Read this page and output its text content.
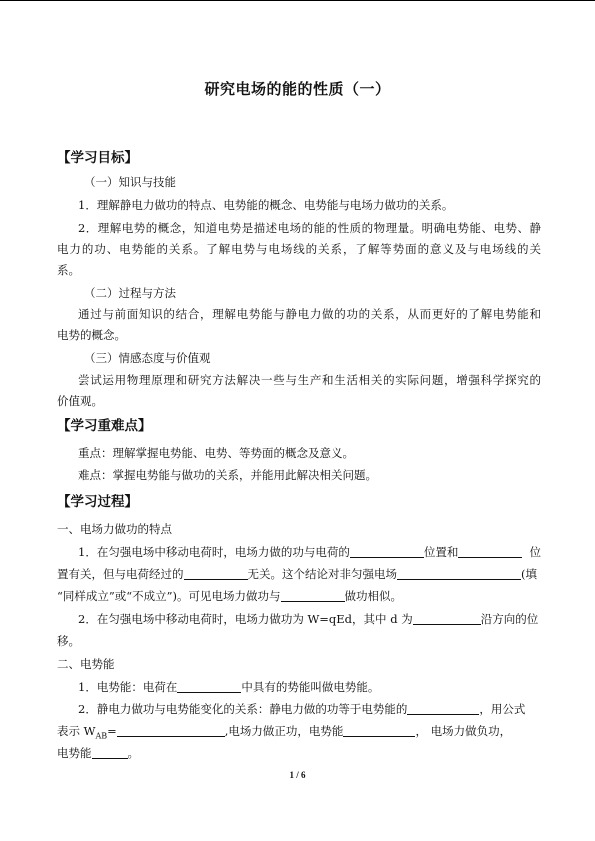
研究电场的能的性质（一）
【学习目标】
（一）知识与技能
1．理解静电力做功的特点、电势能的概念、电势能与电场力做功的关系。
2．理解电势的概念，知道电势是描述电场的能的性质的物理量。明确电势能、电势、静
电力的功、电势能的关系。了解电势与电场线的关系，了解等势面的意义及与电场线的关
系。
（二）过程与方法
通过与前面知识的结合，理解电势能与静电力做的功的关系，从而更好的了解电势能和
电势的概念。
（三）情感态度与价值观
尝试运用物理原理和研究方法解决一些与生产和生活相关的实际问题，增强科学探究的
价值观。
【学习重难点】
重点：理解掌握电势能、电势、等势面的概念及意义。
难点：掌握电势能与做功的关系，并能用此解决相关问题。
【学习过程】
一、电场力做功的特点
1．在匀强电场中移动电荷时，电场力做的功与电荷的	位置和	位
置有关，但与电荷经过的	无关。这个结论对非匀强电场	(填
“同样成立”或“不成立”)。可见电场力做功与	做功相似。
2．在匀强电场中移动电荷时，电场力做功为 W=qEd，其中 d 为	沿方向的位
移。
二、电势能
1．电势能：电荷在	中具有的势能叫做电势能。
2．静电力做功与电势能变化的关系：静电力做的功等于电势能的	，用公式
表示 $W_{AB}=$	,电场力做正功，电势能	， 电场力做负功，
电势能	。
1 / 6
